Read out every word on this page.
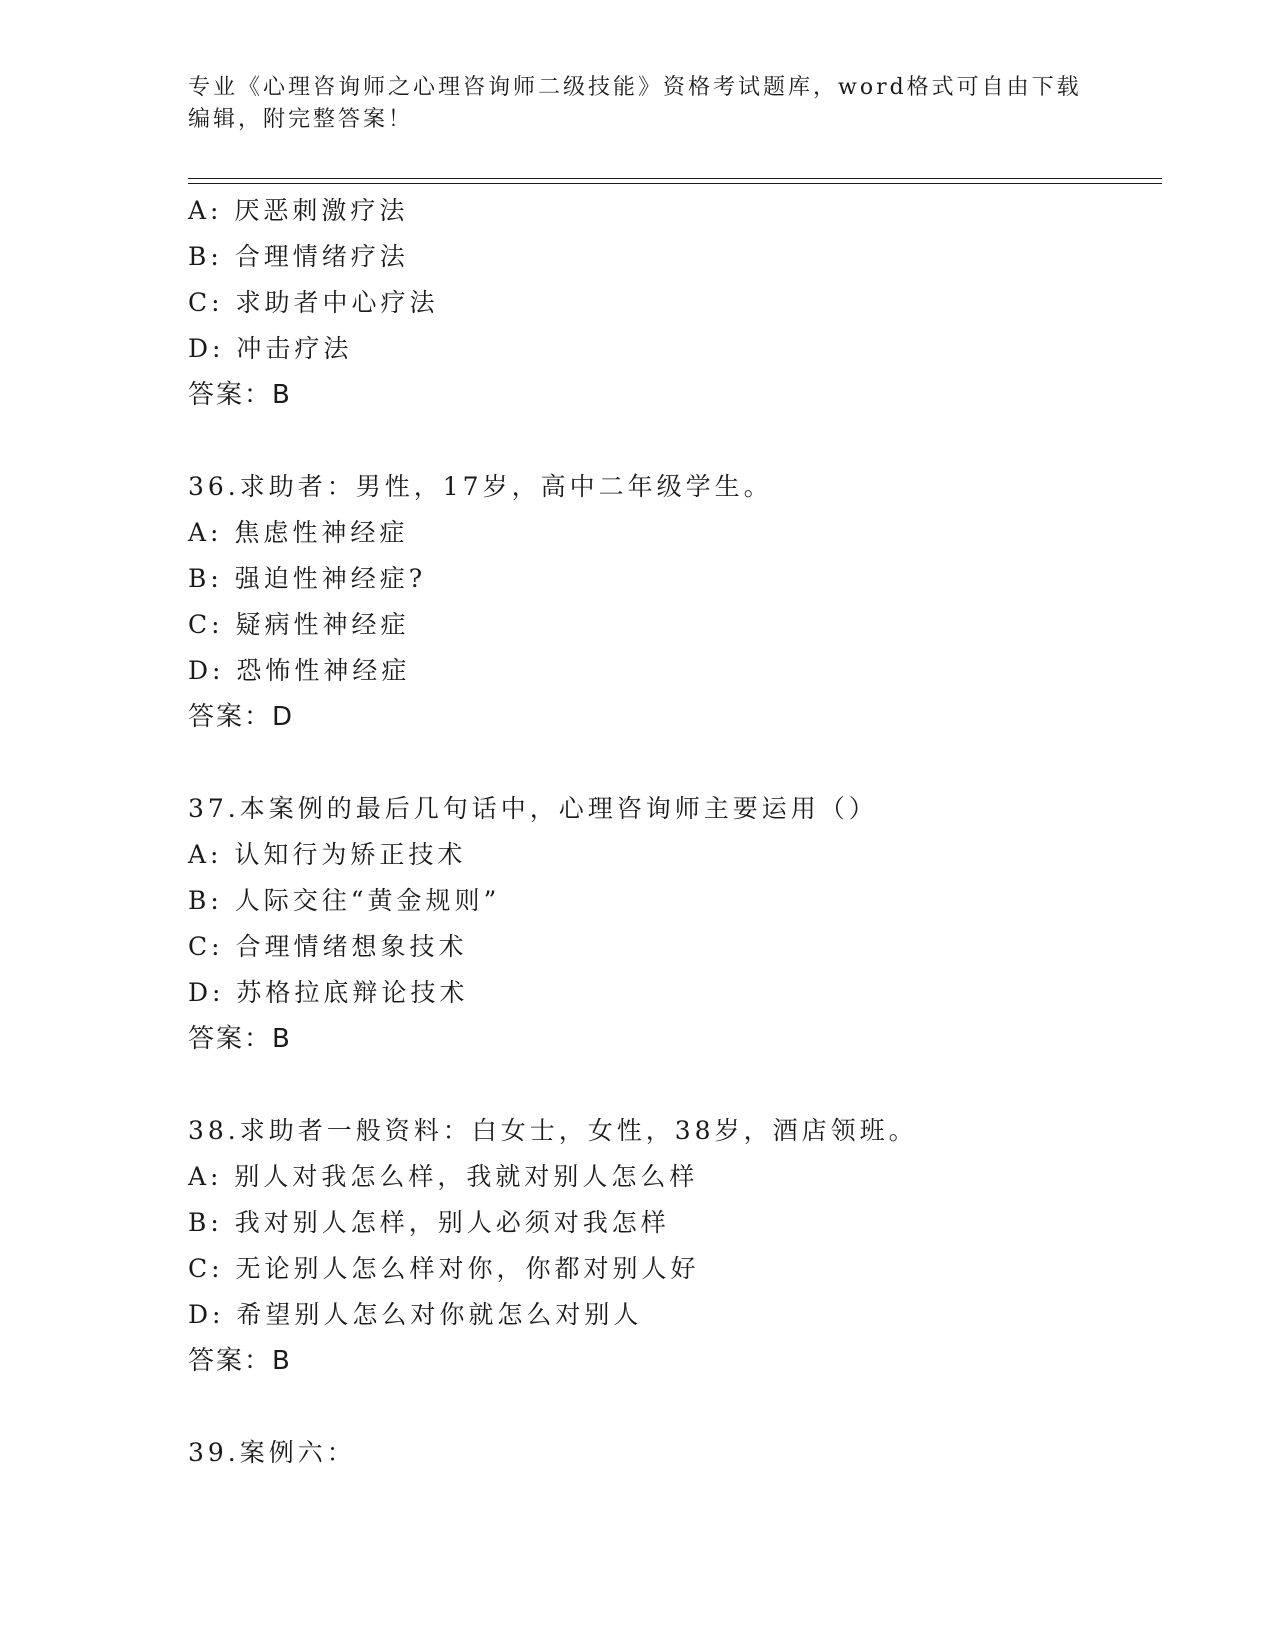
专业《心理咨询师之心理咨询师二级技能》资格考试题库，word格式可自由下载
编辑，附完整答案！
A: 厌恶刺激疗法
B: 合理情绪疗法
C: 求助者中心疗法
D: 冲击疗法
答案：B
36.求助者：男性，17岁，高中二年级学生。
A: 焦虑性神经症
B: 强迫性神经症?
C: 疑病性神经症
D: 恐怖性神经症
答案：D
37.本案例的最后几句话中，心理咨询师主要运用（）
A: 认知行为矫正技术
B: 人际交往“黄金规则”
C: 合理情绪想象技术
D: 苏格拉底辩论技术
答案：B
38.求助者一般资料：白女士，女性，38岁，酒店领班。
A: 别人对我怎么样，我就对别人怎么样
B: 我对别人怎样，别人必须对我怎样
C: 无论别人怎么样对你，你都对别人好
D: 希望别人怎么对你就怎么对别人
答案：B
39.案例六：
